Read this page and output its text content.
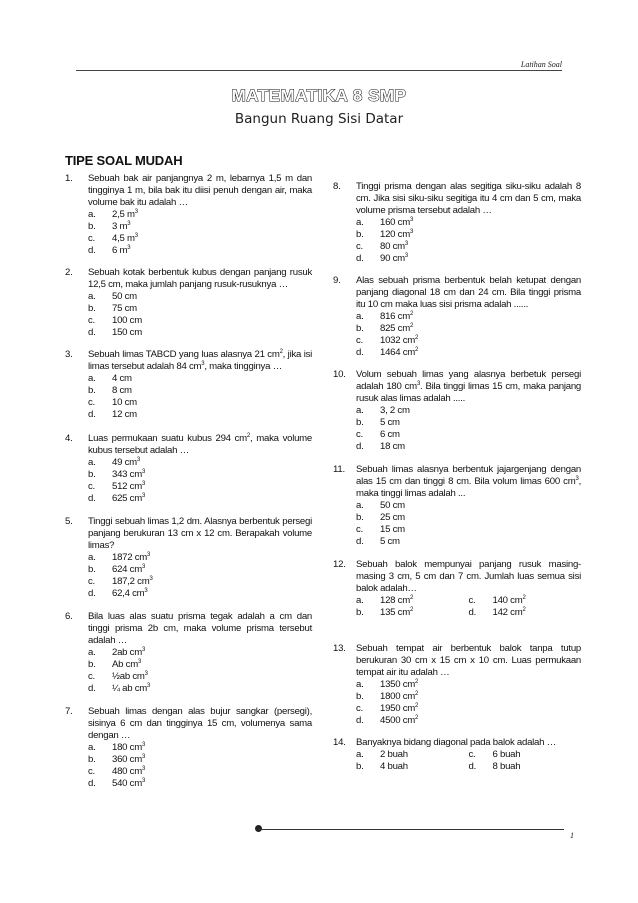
Latihan Soal
MATEMATIKA 8 SMP
Bangun Ruang Sisi Datar
TIPE SOAL MUDAH
1. Sebuah bak air panjangnya 2 m, lebarnya 1,5 m dan tingginya 1 m, bila bak itu diisi penuh dengan air, maka volume bak itu adalah …
a. 2,5 $m^3$
b. 3 $m^3$
c. 4,5 $m^3$
d. 6 $m^3$
2. Sebuah kotak berbentuk kubus dengan panjang rusuk 12,5 cm, maka jumlah panjang rusuk-rusuknya …
a. 50 cm
b. 75 cm
c. 100 cm
d. 150 cm
3. Sebuah limas TABCD yang luas alasnya 21 $cm^2$, jika isi limas tersebut adalah 84 $cm^3$, maka tingginya …
a. 4 cm
b. 8 cm
c. 10 cm
d. 12 cm
4. Luas permukaan suatu kubus 294 $cm^2$, maka volume kubus tersebut adalah …
a. 49 $cm^3$
b. 343 $cm^3$
c. 512 $cm^3$
d. 625 $cm^3$
5. Tinggi sebuah limas 1,2 dm. Alasnya berbentuk persegi panjang berukuran 13 cm x 12 cm. Berapakah volume limas?
a. 1872 $cm^3$
b. 624 $cm^3$
c. 187,2 $cm^3$
d. 62,4 $cm^3$
6. Bila luas alas suatu prisma tegak adalah a cm dan tinggi prisma 2b cm, maka volume prisma tersebut adalah …
a. 2ab $cm^3$
b. Ab $cm^3$
c. ½ab $cm^3$
d. ¼ ab $cm^3$
7. Sebuah limas dengan alas bujur sangkar (persegi), sisinya 6 cm dan tingginya 15 cm, volumenya sama dengan …
a. 180 $cm^3$
b. 360 $cm^3$
c. 480 $cm^3$
d. 540 $cm^3$
8. Tinggi prisma dengan alas segitiga siku-siku adalah 8 cm. Jika sisi siku-siku segitiga itu 4 cm dan 5 cm, maka volume prisma tersebut adalah …
a. 160 $cm^3$
b. 120 $cm^3$
c. 80 $cm^3$
d. 90 $cm^3$
9. Alas sebuah prisma berbentuk belah ketupat dengan panjang diagonal 18 cm dan 24 cm. Bila tinggi prisma itu 10 cm maka luas sisi prisma adalah ......
a. 816 $cm^2$
b. 825 $cm^2$
c. 1032 $cm^2$
d. 1464 $cm^2$
10. Volum sebuah limas yang alasnya berbetuk persegi adalah 180 $cm^3$. Bila tinggi limas 15 cm, maka panjang rusuk alas limas adalah .....
a. 3, 2 cm
b. 5 cm
c. 6 cm
d. 18 cm
11. Sebuah limas alasnya berbentuk jajargenjang dengan alas 15 cm dan tinggi 8 cm. Bila volum limas 600 $cm^3$, maka tinggi limas adalah ...
a. 50 cm
b. 25 cm
c. 15 cm
d. 5 cm
12. Sebuah balok mempunyai panjang rusuk masing-masing 3 cm, 5 cm dan 7 cm. Jumlah luas semua sisi balok adalah…
a. 128 $cm^2$	c. 140 $cm^2$
b. 135 $cm^2$	d. 142 $cm^2$
13. Sebuah tempat air berbentuk balok tanpa tutup berukuran 30 cm x 15 cm x 10 cm. Luas permukaan tempat air itu adalah …
a. 1350 $cm^2$
b. 1800 $cm^2$
c. 1950 $cm^2$
d. 4500 $cm^2$
14. Banyaknya bidang diagonal pada balok adalah …
a. 2 buah	c. 6 buah
b. 4 buah	d. 8 buah
1
